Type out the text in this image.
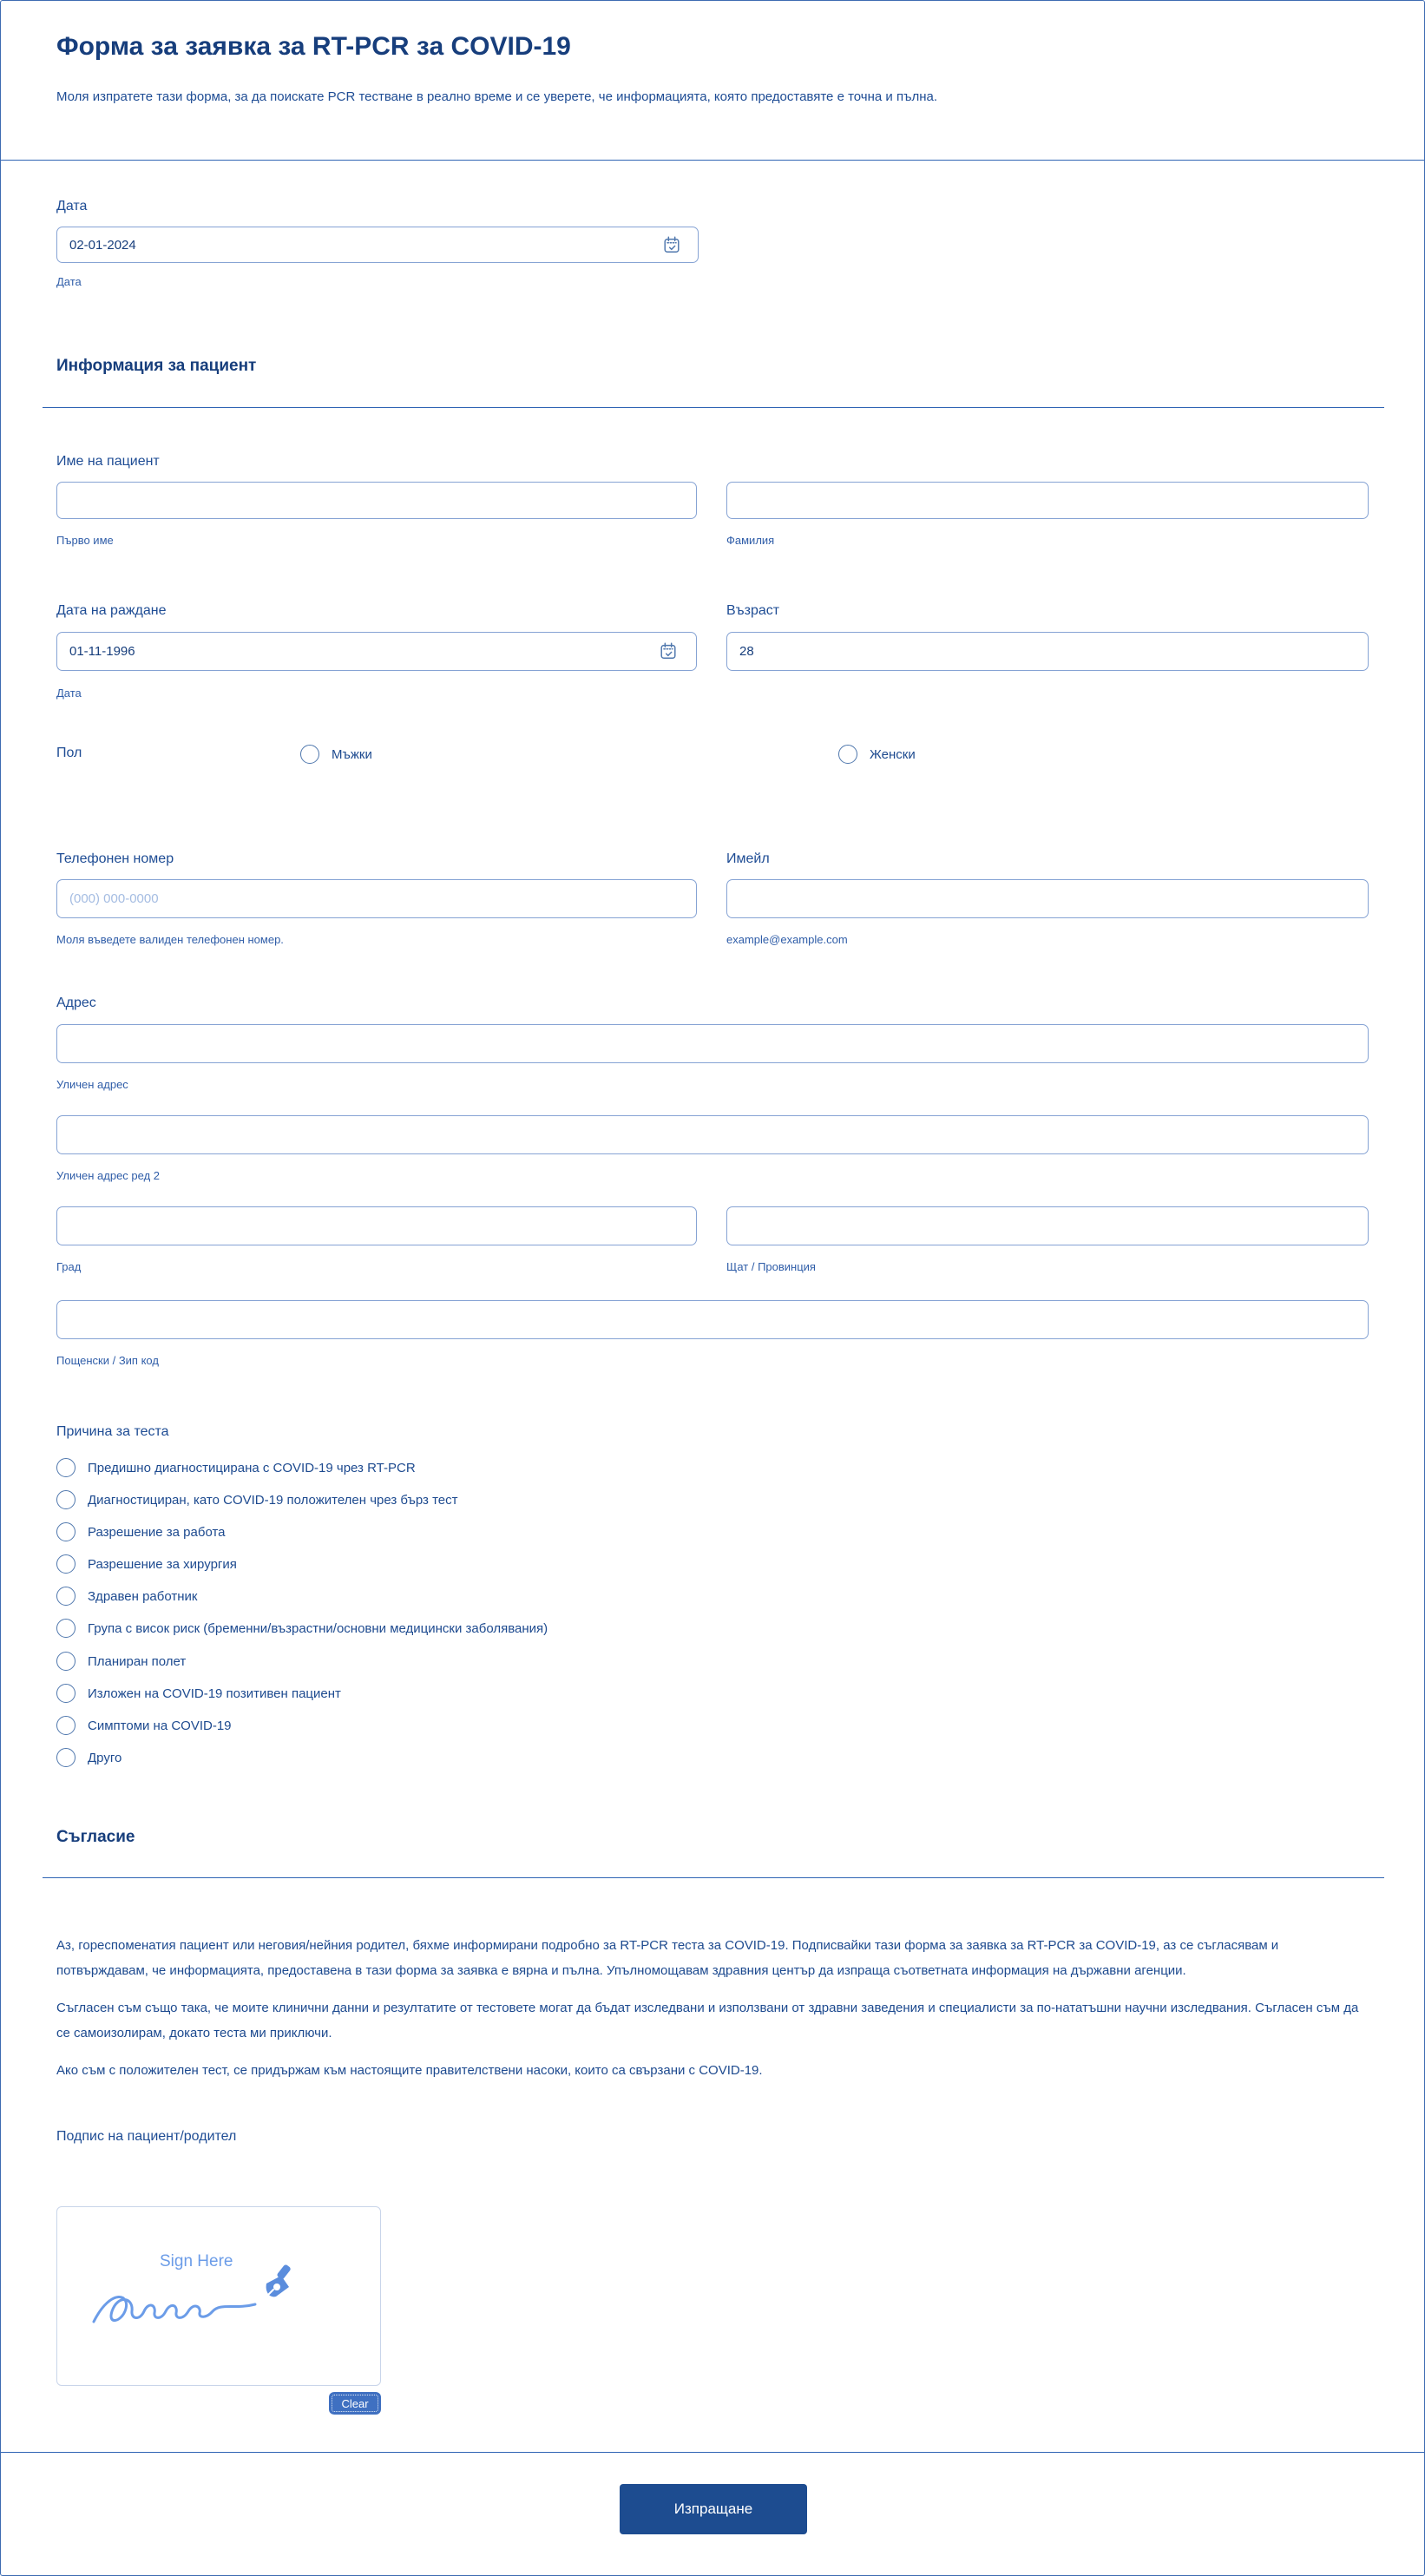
Форма за заявка за RT-PCR за COVID-19
Моля изпратете тази форма, за да поискате PCR тестване в реално време и се уверете, че информацията, която предоставяте е точна и пълна.
Дата
02-01-2024
Дата
Информация за пациент
Име на пациент
Първо име	Фамилия
Дата на раждане	Възраст
01-11-1996
28
Дата
Пол	Мъжки	Женски
Телефонен номер	Имейл
(000) 000-0000
Моля въведете валиден телефонен номер.	example@example.com
Адрес
Уличен адрес
Уличен адрес ред 2
Град	Щат / Провинция
Пощенски / Зип код
Причина за теста
Предишно диагностицирана с COVID-19 чрез RT-PCR
Диагностициран, като COVID-19 положителен чрез бърз тест
Разрешение за работа
Разрешение за хирургия
Здравен работник
Група с висок риск (бременни/възрастни/основни медицински заболявания)
Планиран полет
Изложен на COVID-19 позитивен пациент
Симптоми на COVID-19
Друго
Съгласие

Аз, гореспоменатия пациент или неговия/нейния родител, бяхме информирани подробно за RT-PCR теста за COVID-19. Подписвайки тази форма за заявка за RT-PCR за COVID-19, аз се съгласявам и потвърждавам, че информацията, предоставена в тази форма за заявка е вярна и пълна. Упълномощавам здравния център да изпраща съответната информация на държавни агенции.

Съгласен съм също така, че моите клинични данни и резултатите от тестовете могат да бъдат изследвани и използвани от здравни заведения и специалисти за по-нататъшни научни изследвания. Съгласен съм да се самоизолирам, докато теста ми приключи.

Ако съм с положителен тест, се придържам към настоящите правителствени насоки, които са свързани с COVID-19.

Подпис на пациент/родител
Sign Here
Clear
Изпращане
